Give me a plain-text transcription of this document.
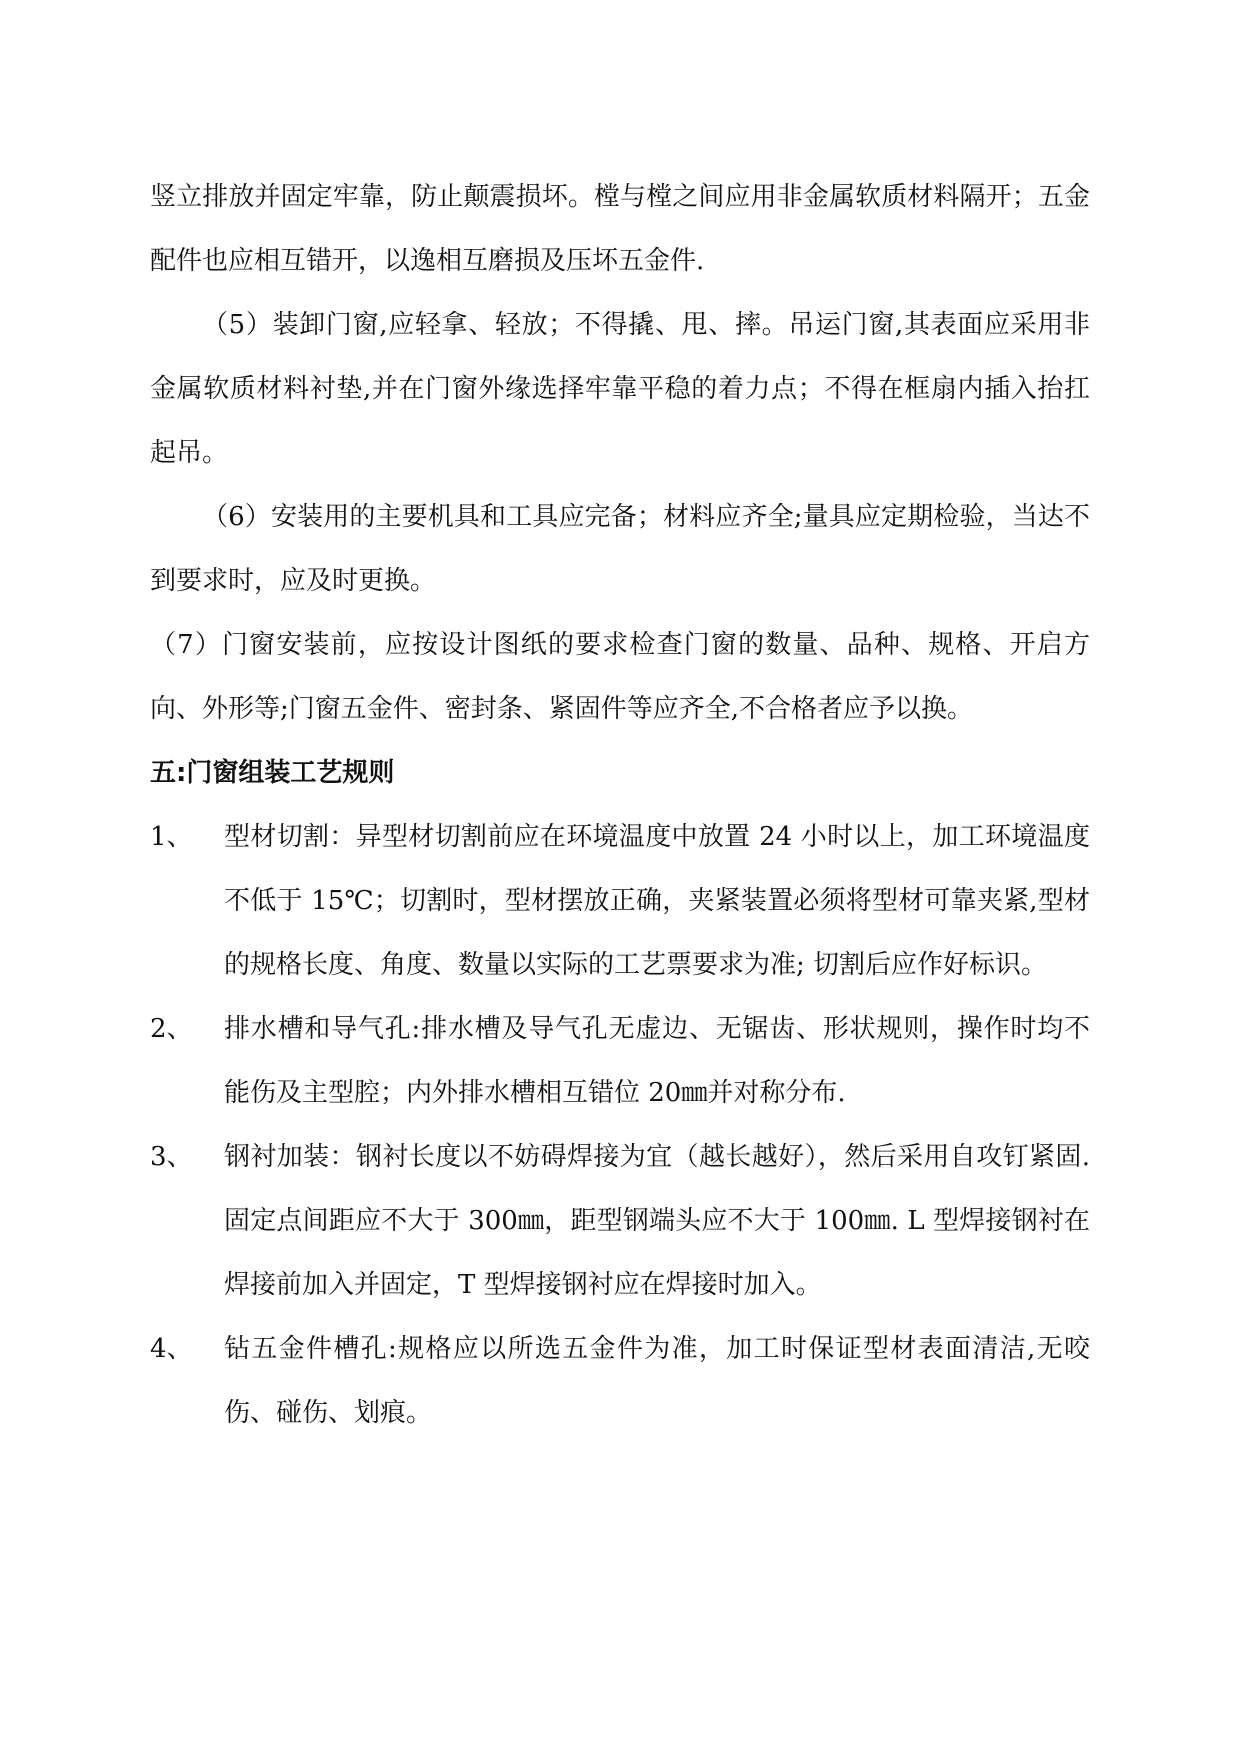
竖立排放并固定牢靠，防止颠震损坏。樘与樘之间应用非金属软质材料隔开；五金配件也应相互错开，以逸相互磨损及压坏五金件.

（5）装卸门窗,应轻拿、轻放；不得撬、甩、摔。吊运门窗,其表面应采用非金属软质材料衬垫,并在门窗外缘选择牢靠平稳的着力点；不得在框扇内插入抬扛起吊。

（6）安装用的主要机具和工具应完备；材料应齐全;量具应定期检验，当达不到要求时，应及时更换。

（7）门窗安装前，应按设计图纸的要求检查门窗的数量、品种、规格、开启方向、外形等;门窗五金件、密封条、紧固件等应齐全,不合格者应予以换。

五:门窗组装工艺规则

1、 型材切割：异型材切割前应在环境温度中放置 24 小时以上，加工环境温度不低于 15℃；切割时，型材摆放正确，夹紧装置必须将型材可靠夹紧,型材的规格长度、角度、数量以实际的工艺票要求为准; 切割后应作好标识。
2、 排水槽和导气孔:排水槽及导气孔无虚边、无锯齿、形状规则，操作时均不能伤及主型腔；内外排水槽相互错位 20㎜并对称分布.
3、 钢衬加装：钢衬长度以不妨碍焊接为宜（越长越好），然后采用自攻钉紧固. 固定点间距应不大于 300㎜，距型钢端头应不大于 100㎜. L 型焊接钢衬在焊接前加入并固定，T 型焊接钢衬应在焊接时加入。
4、 钻五金件槽孔:规格应以所选五金件为准，加工时保证型材表面清洁,无咬伤、碰伤、划痕。
